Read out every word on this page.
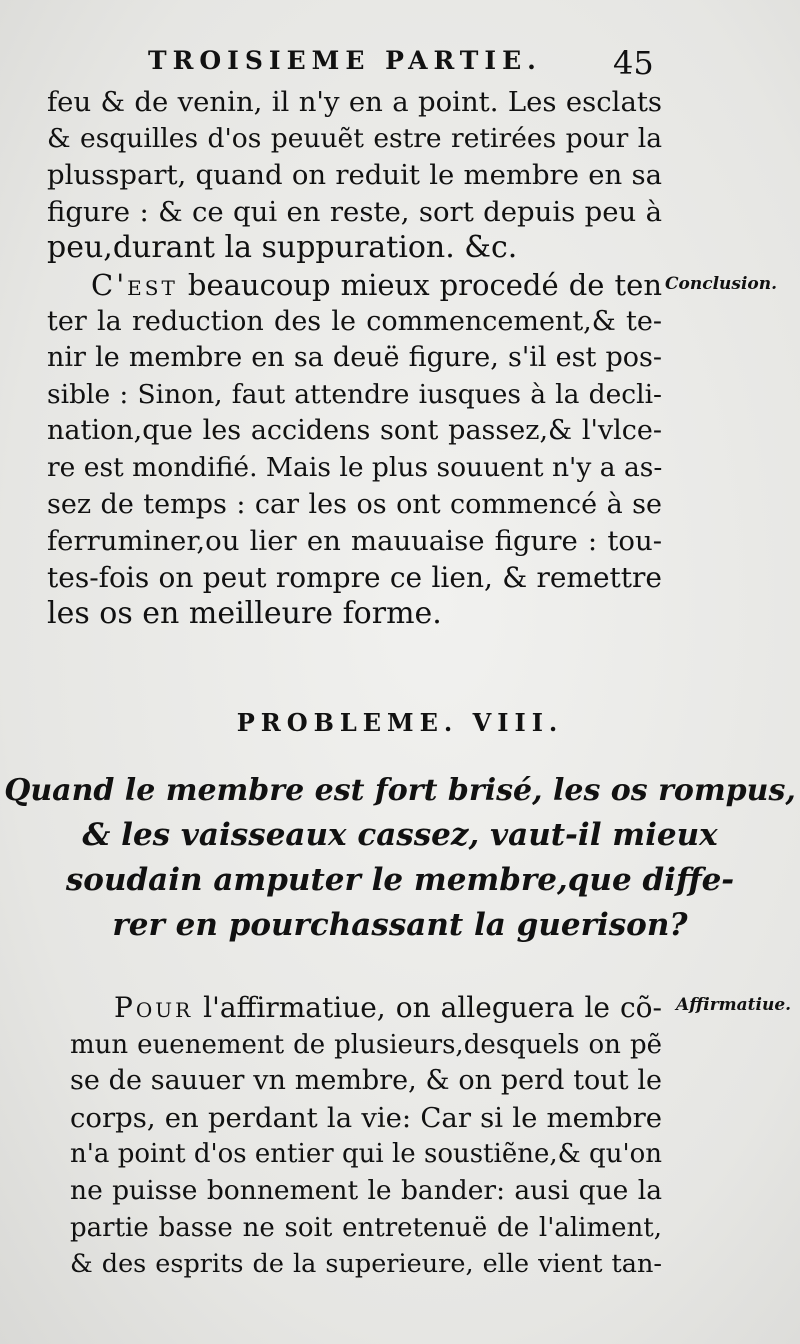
TROISIEME PARTIE. 45
feu & de venin, il n'y en a point. Les esclats
& esquilles d'os peuuẽt estre retirées pour la
plusspart, quand on reduit le membre en sa
figure : & ce qui en reste, sort depuis peu à
peu,durant la suppuration. &c.
C'est beaucoup mieux procedé de ten
ter la reduction des le commencement,& te-
nir le membre en sa deuë figure, s'il est pos-
sible : Sinon, faut attendre iusques à la decli-
nation,que les accidens sont passez,& l'vlce-
re est mondifié. Mais le plus souuent n'y a as-
sez de temps : car les os ont commencé à se
ferruminer,ou lier en mauuaise figure : tou-
tes-fois on peut rompre ce lien, & remettre
les os en meilleure forme.
Conclusion.
PROBLEME. VIII.
Quand le membre est fort brisé, les os rompus,
& les vaisseaux cassez, vaut-il mieux
soudain amputer le membre,que diffe-
rer en pourchassant la guerison?
Affirmatiue.
Pour l'affirmatiue, on alleguera le cõ-
mun euenement de plusieurs,desquels on pẽ
se de sauuer vn membre, & on perd tout le
corps, en perdant la vie: Car si le membre
n'a point d'os entier qui le soustiẽne,& qu'on
ne puisse bonnement le bander: ausi que la
partie basse ne soit entretenuë de l'aliment,
& des esprits de la superieure, elle vient tan-
